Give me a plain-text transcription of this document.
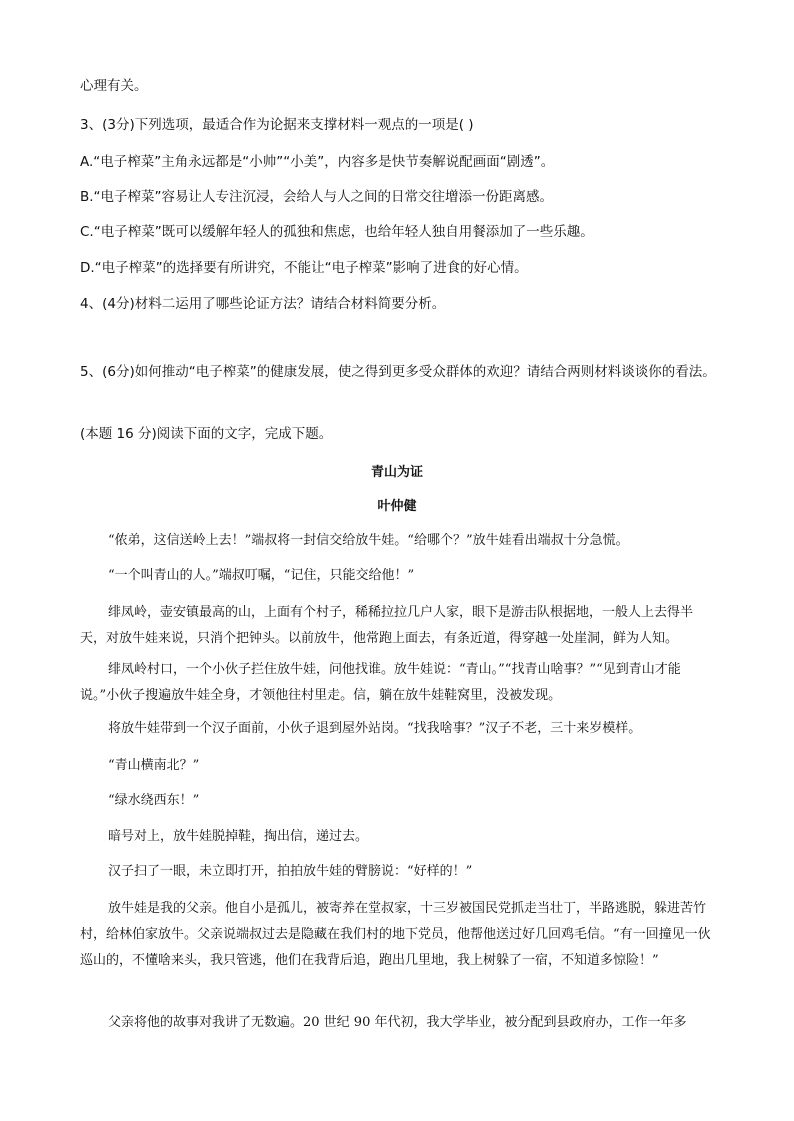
心理有关。
3、(3分)下列选项，最适合作为论据来支撑材料一观点的一项是( )
A.“电子榨菜”主角永远都是“小帅”“小美”，内容多是快节奏解说配画面“剧透”。
B.“电子榨菜”容易让人专注沉浸，会给人与人之间的日常交往增添一份距离感。
C.“电子榨菜”既可以缓解年轻人的孤独和焦虑，也给年轻人独自用餐添加了一些乐趣。
D.“电子榨菜”的选择要有所讲究，不能让“电子榨菜”影响了进食的好心情。
4、(4分)材料二运用了哪些论证方法？请结合材料简要分析。
5、(6分)如何推动“电子榨菜”的健康发展，使之得到更多受众群体的欢迎？请结合两则材料谈谈你的看法。
(本题 16 分)阅读下面的文字，完成下题。
青山为证
叶仲健
“侬弟，这信送岭上去！”端叔将一封信交给放牛娃。“给哪个？”放牛娃看出端叔十分急慌。
“一个叫青山的人。”端叔叮嘱，“记住，只能交给他！”
绯凤岭，壶安镇最高的山，上面有个村子，稀稀拉拉几户人家，眼下是游击队根据地，一般人上去得半天，对放牛娃来说，只消个把钟头。以前放牛，他常跑上面去，有条近道，得穿越一处崖洞，鲜为人知。
绯凤岭村口，一个小伙子拦住放牛娃，问他找谁。放牛娃说：“青山。”“找青山啥事？”“见到青山才能说。”小伙子搜遍放牛娃全身，才领他往村里走。信，躺在放牛娃鞋窝里，没被发现。
将放牛娃带到一个汉子面前，小伙子退到屋外站岗。“找我啥事？”汉子不老，三十来岁模样。
“青山横南北？”
“绿水绕西东！”
暗号对上，放牛娃脱掉鞋，掏出信，递过去。
汉子扫了一眼，未立即打开，拍拍放牛娃的臂膀说：“好样的！”
放牛娃是我的父亲。他自小是孤儿，被寄养在堂叔家，十三岁被国民党抓走当壮丁，半路逃脱，躲进苦竹村，给林伯家放牛。父亲说端叔过去是隐藏在我们村的地下党员，他帮他送过好几回鸡毛信。“有一回撞见一伙巡山的，不懂啥来头，我只管逃，他们在我背后追，跑出几里地，我上树躲了一宿，不知道多惊险！”
父亲将他的故事对我讲了无数遍。20 世纪 90 年代初，我大学毕业，被分配到县政府办，工作一年多
